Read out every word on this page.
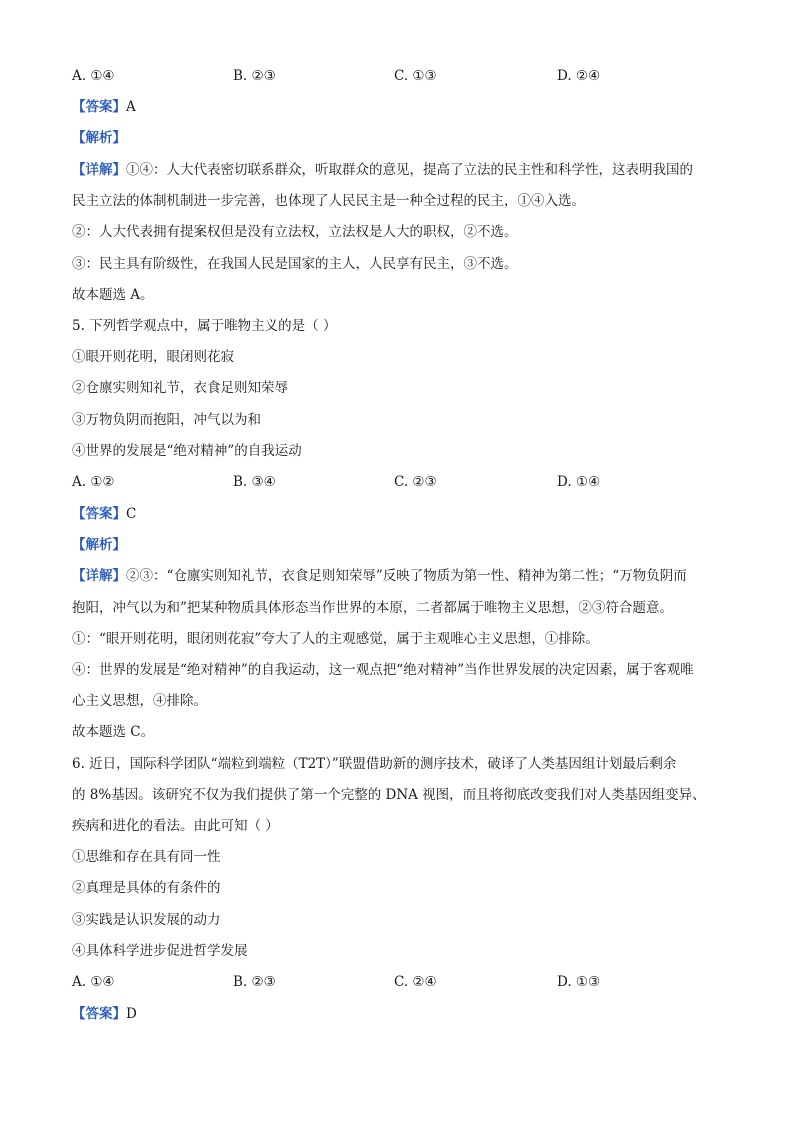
A. ①④	B. ②③	C. ①③	D. ②④
【答案】A
【解析】
【详解】①④：人大代表密切联系群众，听取群众的意见，提高了立法的民主性和科学性，这表明我国的
民主立法的体制机制进一步完善，也体现了人民民主是一种全过程的民主，①④入选。
②：人大代表拥有提案权但是没有立法权，立法权是人大的职权，②不选。
③：民主具有阶级性，在我国人民是国家的主人，人民享有民主，③不选。
故本题选 A。
5. 下列哲学观点中，属于唯物主义的是（ ）
①眼开则花明，眼闭则花寂
②仓廪实则知礼节，衣食足则知荣辱
③万物负阴而抱阳，冲气以为和
④世界的发展是“绝对精神”的自我运动
A. ①②	B. ③④	C. ②③	D. ①④
【答案】C
【解析】
【详解】②③：“仓廪实则知礼节，衣食足则知荣辱”反映了物质为第一性、精神为第二性；“万物负阴而
抱阳，冲气以为和”把某种物质具体形态当作世界的本原，二者都属于唯物主义思想，②③符合题意。
①：“眼开则花明，眼闭则花寂”夸大了人的主观感觉，属于主观唯心主义思想，①排除。
④：世界的发展是“绝对精神”的自我运动，这一观点把“绝对精神”当作世界发展的决定因素，属于客观唯
心主义思想，④排除。
故本题选 C。
6. 近日，国际科学团队“端粒到端粒（T2T）”联盟借助新的测序技术，破译了人类基因组计划最后剩余
的 8%基因。该研究不仅为我们提供了第一个完整的 DNA 视图，而且将彻底改变我们对人类基因组变异、
疾病和进化的看法。由此可知（ ）
①思维和存在具有同一性
②真理是具体的有条件的
③实践是认识发展的动力
④具体科学进步促进哲学发展
A. ①④	B. ②③	C. ②④	D. ①③
【答案】D
